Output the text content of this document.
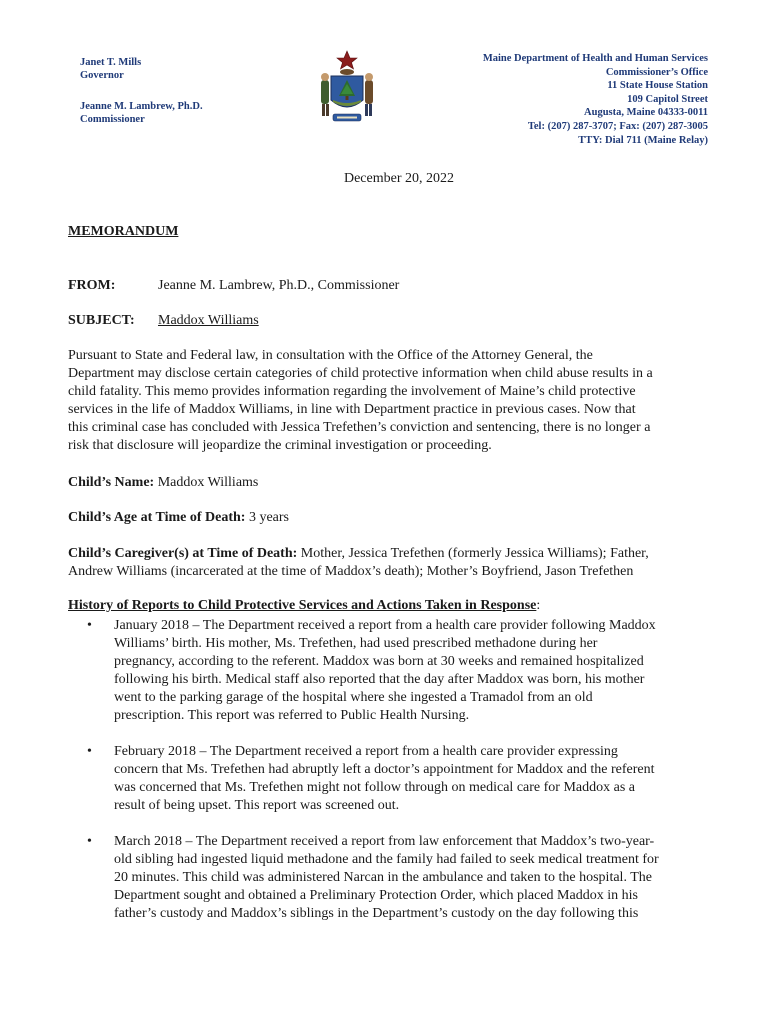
Janet T. Mills
Governor
Jeanne M. Lambrew, Ph.D.
Commissioner
Maine Department of Health and Human Services
Commissioner’s Office
11 State House Station
109 Capitol Street
Augusta, Maine 04333-0011
Tel: (207) 287-3707; Fax: (207) 287-3005
TTY: Dial 711 (Maine Relay)
December 20, 2022
MEMORANDUM
FROM:	Jeanne M. Lambrew, Ph.D., Commissioner
SUBJECT: Maddox Williams
Pursuant to State and Federal law, in consultation with the Office of the Attorney General, the
Department may disclose certain categories of child protective information when child abuse results in a
child fatality. This memo provides information regarding the involvement of Maine’s child protective
services in the life of Maddox Williams, in line with Department practice in previous cases. Now that
this criminal case has concluded with Jessica Trefethen’s conviction and sentencing, there is no longer a
risk that disclosure will jeopardize the criminal investigation or proceeding.
Child’s Name: Maddox Williams
Child’s Age at Time of Death: 3 years
Child’s Caregiver(s) at Time of Death: Mother, Jessica Trefethen (formerly Jessica Williams); Father,
Andrew Williams (incarcerated at the time of Maddox’s death); Mother’s Boyfriend, Jason Trefethen
History of Reports to Child Protective Services and Actions Taken in Response:
• January 2018 – The Department received a report from a health care provider following Maddox
Williams’ birth. His mother, Ms. Trefethen, had used prescribed methadone during her
pregnancy, according to the referent. Maddox was born at 30 weeks and remained hospitalized
following his birth. Medical staff also reported that the day after Maddox was born, his mother
went to the parking garage of the hospital where she ingested a Tramadol from an old
prescription. This report was referred to Public Health Nursing.
• February 2018 – The Department received a report from a health care provider expressing
concern that Ms. Trefethen had abruptly left a doctor’s appointment for Maddox and the referent
was concerned that Ms. Trefethen might not follow through on medical care for Maddox as a
result of being upset. This report was screened out.
• March 2018 – The Department received a report from law enforcement that Maddox’s two-year-
old sibling had ingested liquid methadone and the family had failed to seek medical treatment for
20 minutes. This child was administered Narcan in the ambulance and taken to the hospital. The
Department sought and obtained a Preliminary Protection Order, which placed Maddox in his
father’s custody and Maddox’s siblings in the Department’s custody on the day following this
